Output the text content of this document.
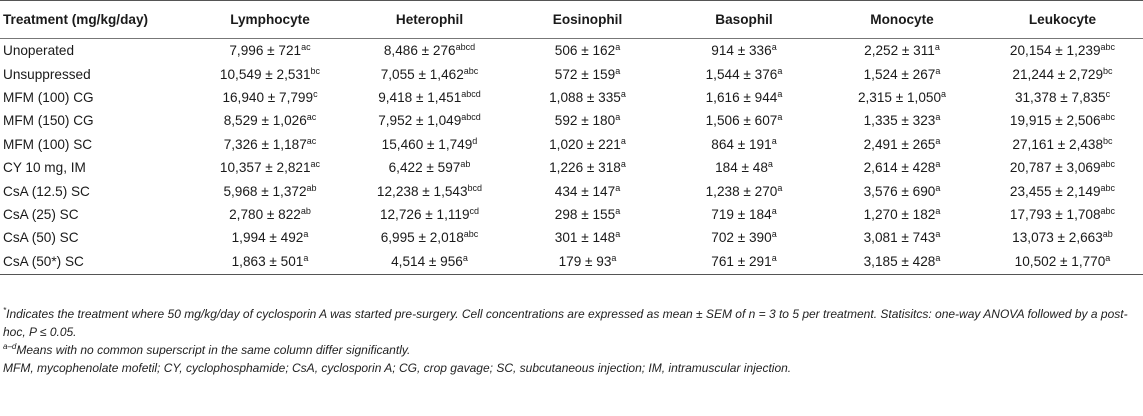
Treatment (mg/kg/day)	Lymphocyte	Heterophil	Eosinophil	Basophil	Monocyte	Leukocyte
Unoperated	$7,996 \pm 721^{ac}$	$8,486 \pm 276^{abcd}$	$506 \pm 162^a$	$914 \pm 336^a$	$2,252 \pm 311^a$	20,154 ± 1,239$^{abc}$
Unsuppressed	10,549 ± 2,531$^{bc}$	7,055 ± 1,462$^{abc}$	$572 \pm 159^a$	$1,544 \pm 376^a$	$1,524 \pm 267^a$	21,244 ± 2,729$^{bc}$
MFM (100) CG	16,940 ± 7,799$^c$	$9,418 \pm 1,451^{abcd}$	$1,088 \pm 335^a$	$1,616 \pm 944^a$	2,315 ± 1,050$^a$	31,378 ± 7,835$^c$
MFM (150) CG	8,529 ± 1,026$^{ac}$	$7,952 \pm 1,049^{abcd}$	$592 \pm 180^a$	$1,506 \pm 607^a$	$1,335 \pm 323^a$	19,915 ± 2,506$^{abc}$
MFM (100) SC	7,326 ± 1,187$^{ac}$	15,460 ± 1,749$^d$	$1,020 \pm 221^a$	$864 \pm 191^a$	$2,491 \pm 265^a$	27,161 ± 2,438$^{bc}$
CY 10 mg, IM	10,357 ± 2,821$^{ac}$	$6,422 \pm 597^{ab}$	$1,226 \pm 318^a$	$184 \pm 48^a$	$2,614 \pm 428^a$	20,787 ± 3,069$^{abc}$
CsA (12.5) SC	5,968 ± 1,372$^{ab}$	12,238 ± 1,543$^{bcd}$	$434 \pm 147^a$	$1,238 \pm 270^a$	$3,576 \pm 690^a$	23,455 ± 2,149$^{abc}$
CsA (25) SC	$2,780 \pm 822^{ab}$	12,726 ± 1,119$^{cd}$	$298 \pm 155^a$	$719 \pm 184^a$	$1,270 \pm 182^a$	17,793 ± 1,708$^{abc}$
CsA (50) SC	$1,994 \pm 492^a$	6,995 ± 2,018$^{abc}$	$301 \pm 148^a$	$702 \pm 390^a$	$3,081 \pm 743^a$	13,073 ± 2,663$^{ab}$
CsA (50*) SC	$1,863 \pm 501^a$	$4,514 \pm 956^a$	$179 \pm 93^a$	$761 \pm 291^a$	$3,185 \pm 428^a$	10,502 ± 1,770$^a$

*Indicates the treatment where 50 mg/kg/day of cyclosporin A was started pre-surgery. Cell concentrations are expressed as mean ± SEM of n = 3 to 5 per treatment. Statisitcs: one-way ANOVA followed by a post-hoc, P ≤ 0.05.

$^{a-d}$Means with no common superscript in the same column differ significantly.

MFM, mycophenolate mofetil; CY, cyclophosphamide; CsA, cyclosporin A; CG, crop gavage; SC, subcutaneous injection; IM, intramuscular injection.
